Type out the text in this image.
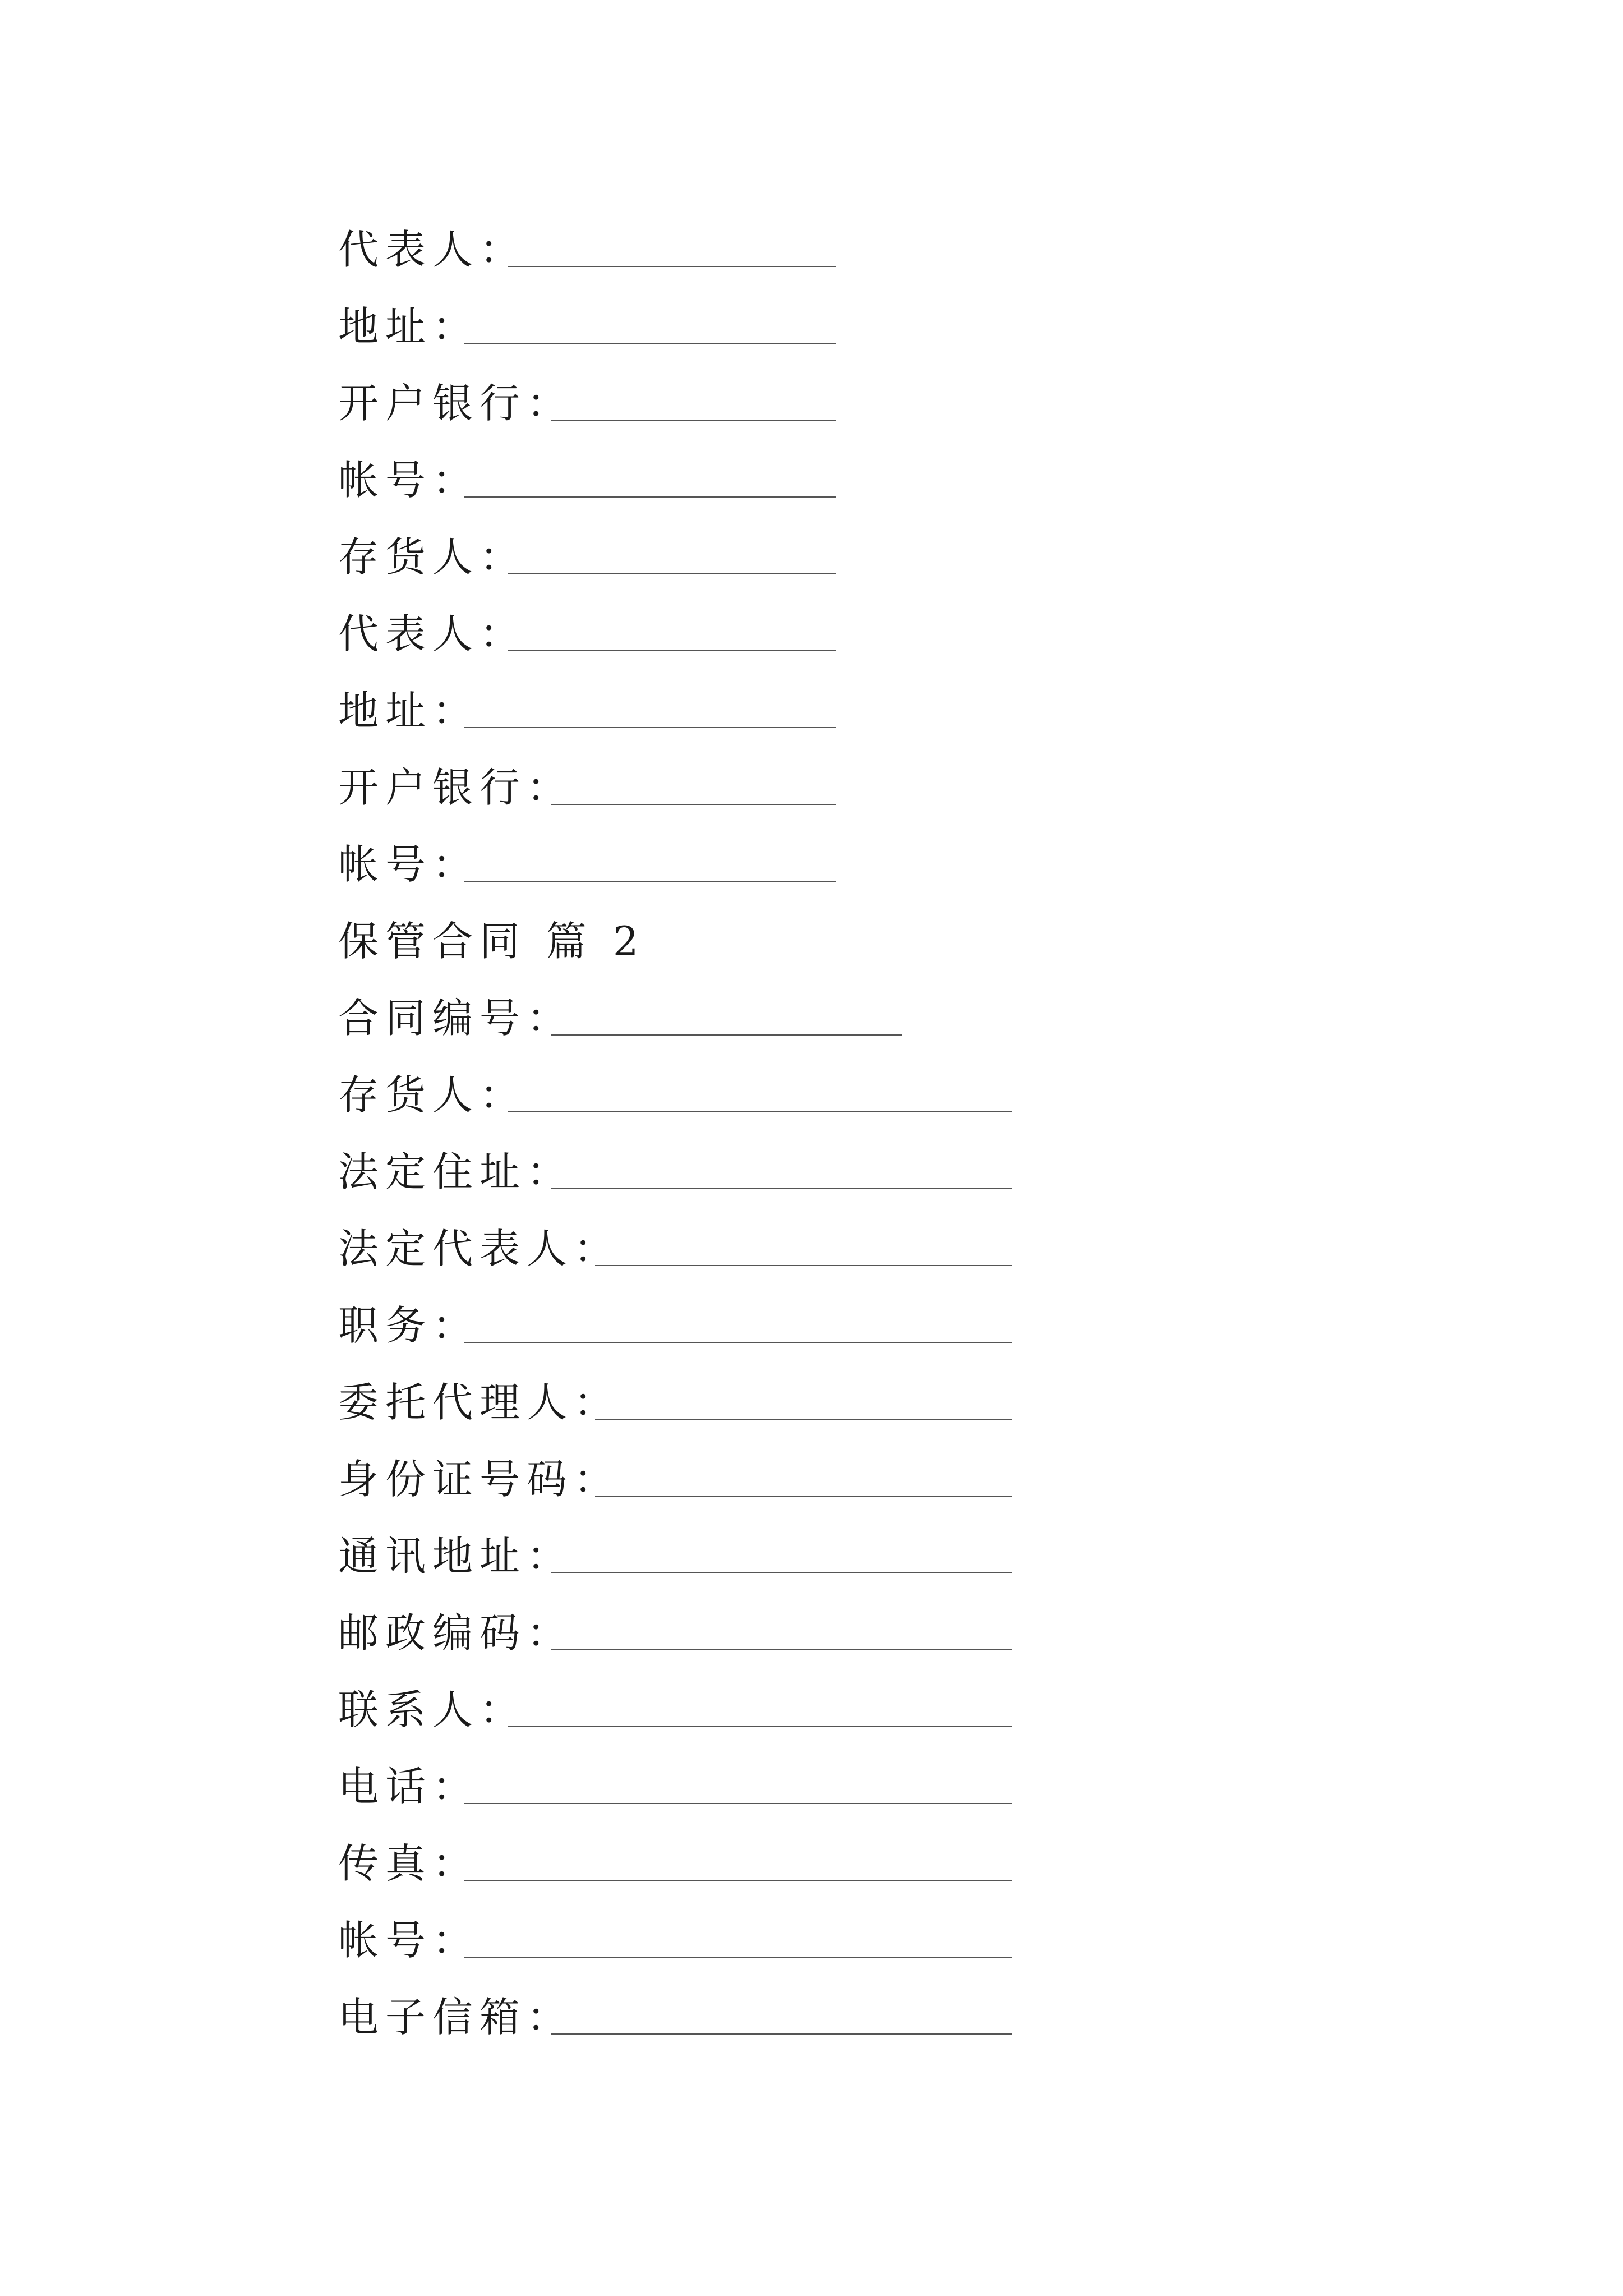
代表人：
地址：
开户银行：
帐号：
存货人：
代表人：
地址：
开户银行：
帐号：
保管合同 篇 2
合同编号：
存货人：
法定住址：
法定代表人：
职务：
委托代理人：
身份证号码：
通讯地址：
邮政编码：
联系人：
电话：
传真：
帐号：
电子信箱：
